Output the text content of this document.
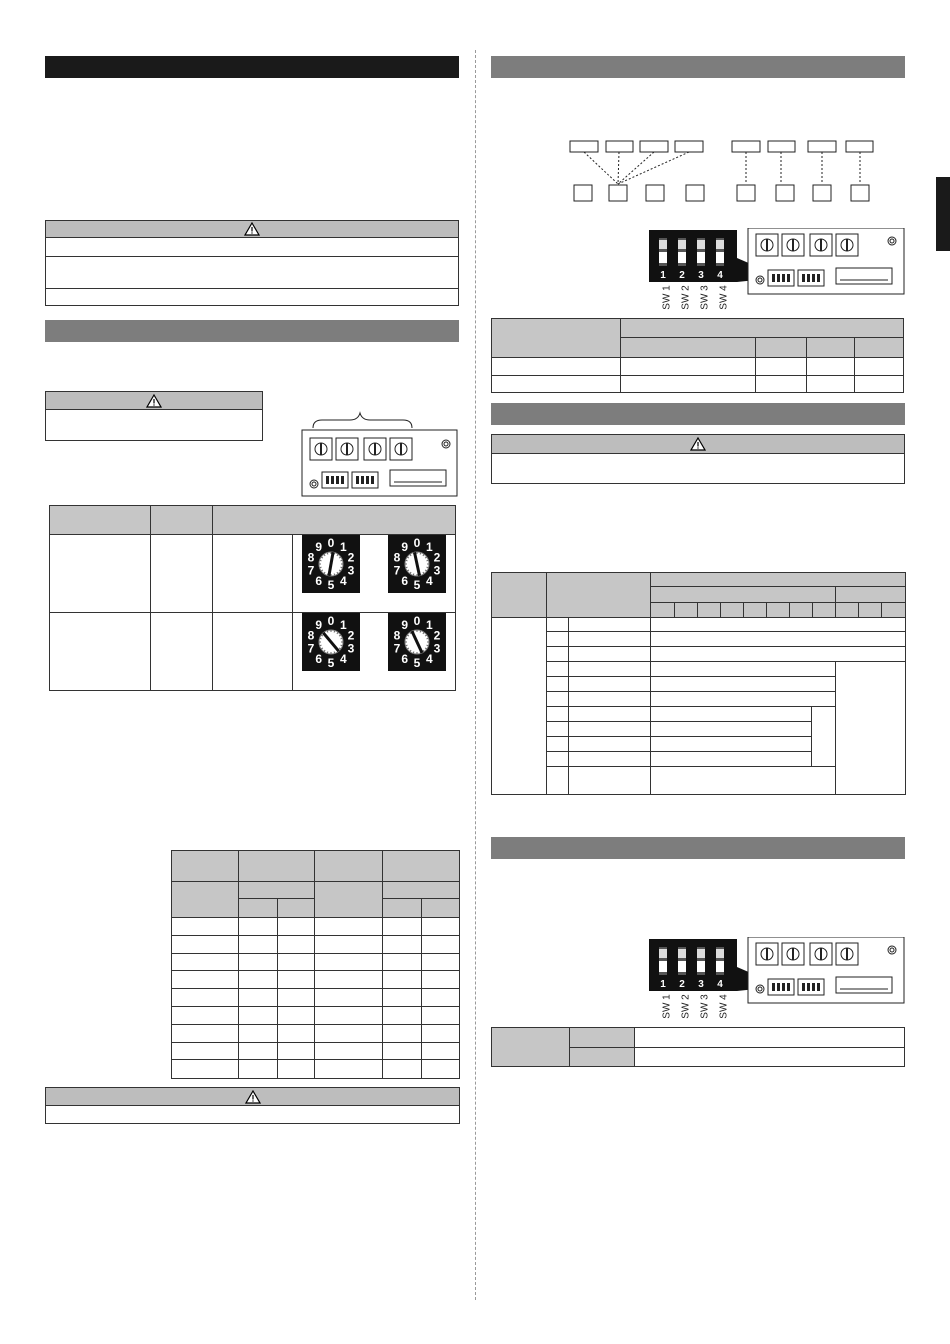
0 1
2
3
4
5
6
7
8
9	0 1
2
3
4
5
6
7
8
9
0 1
2
3
4
5
6
7
8
9	0 1
2
3
4
5
6
7
8
9
1 2 3 4
SW 1 SW 2 SW 3 SW 4
1 2 3 4
SW 1 SW 2 SW 3 SW 4
